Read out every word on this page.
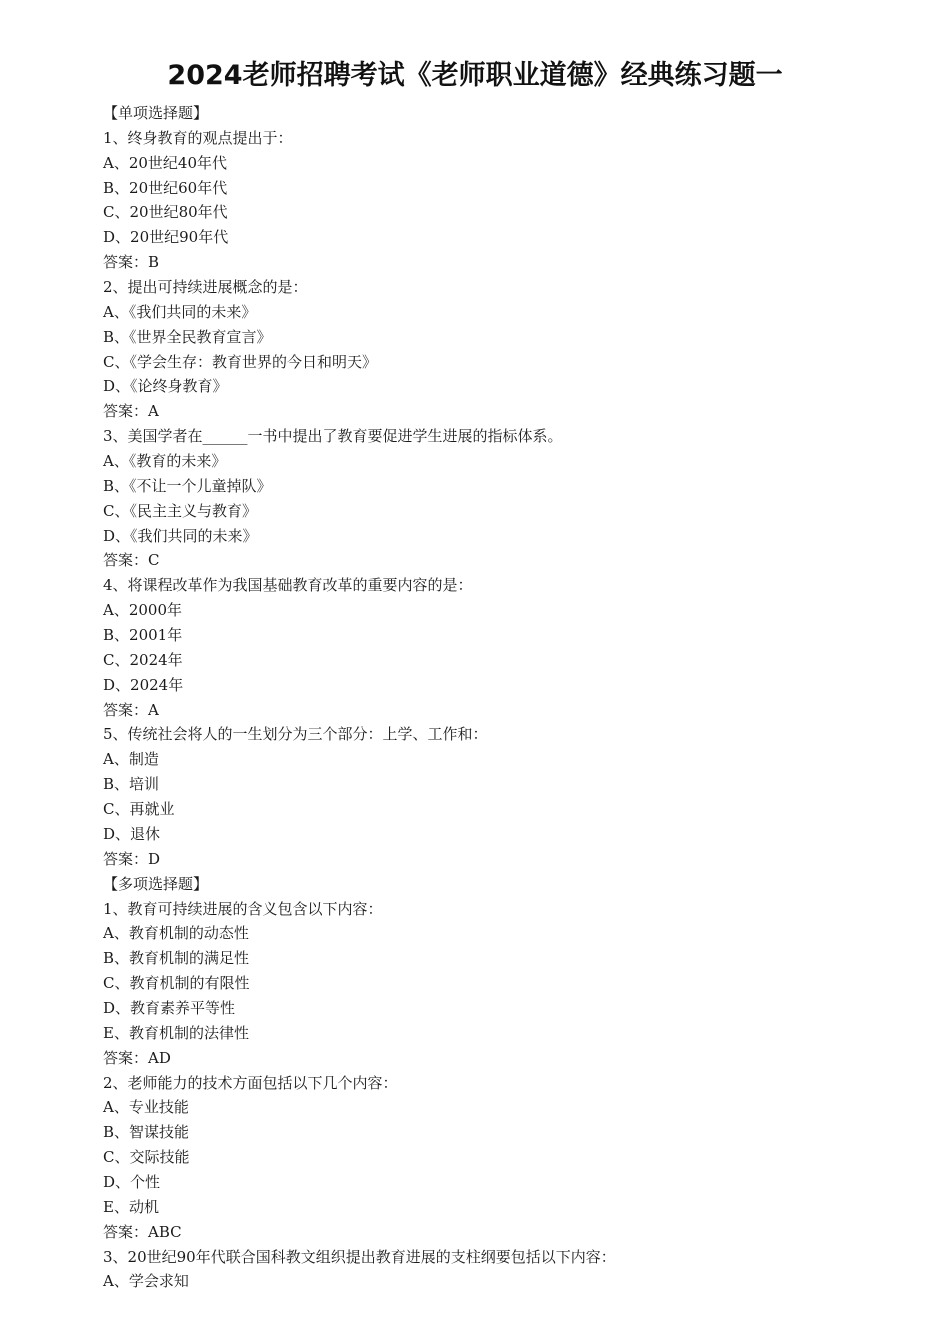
2024老师招聘考试《老师职业道德》经典练习题一
【单项选择题】
1、终身教育的观点提出于：
A、20世纪40年代
B、20世纪60年代
C、20世纪80年代
D、20世纪90年代
答案：B
2、提出可持续进展概念的是：
A、《我们共同的未来》
B、《世界全民教育宣言》
C、《学会生存：教育世界的今日和明天》
D、《论终身教育》
答案：A
3、美国学者在______一书中提出了教育要促进学生进展的指标体系。
A、《教育的未来》
B、《不让一个儿童掉队》
C、《民主主义与教育》
D、《我们共同的未来》
答案：C
4、将课程改革作为我国基础教育改革的重要内容的是：
A、2000年
B、2001年
C、2024年
D、2024年
答案：A
5、传统社会将人的一生划分为三个部分：上学、工作和：
A、制造
B、培训
C、再就业
D、退休
答案：D
【多项选择题】
1、教育可持续进展的含义包含以下内容：
A、教育机制的动态性
B、教育机制的满足性
C、教育机制的有限性
D、教育素养平等性
E、教育机制的法律性
答案：AD
2、老师能力的技术方面包括以下几个内容：
A、专业技能
B、智谋技能
C、交际技能
D、个性
E、动机
答案：ABC
3、20世纪90年代联合国科教文组织提出教育进展的支柱纲要包括以下内容：
A、学会求知
